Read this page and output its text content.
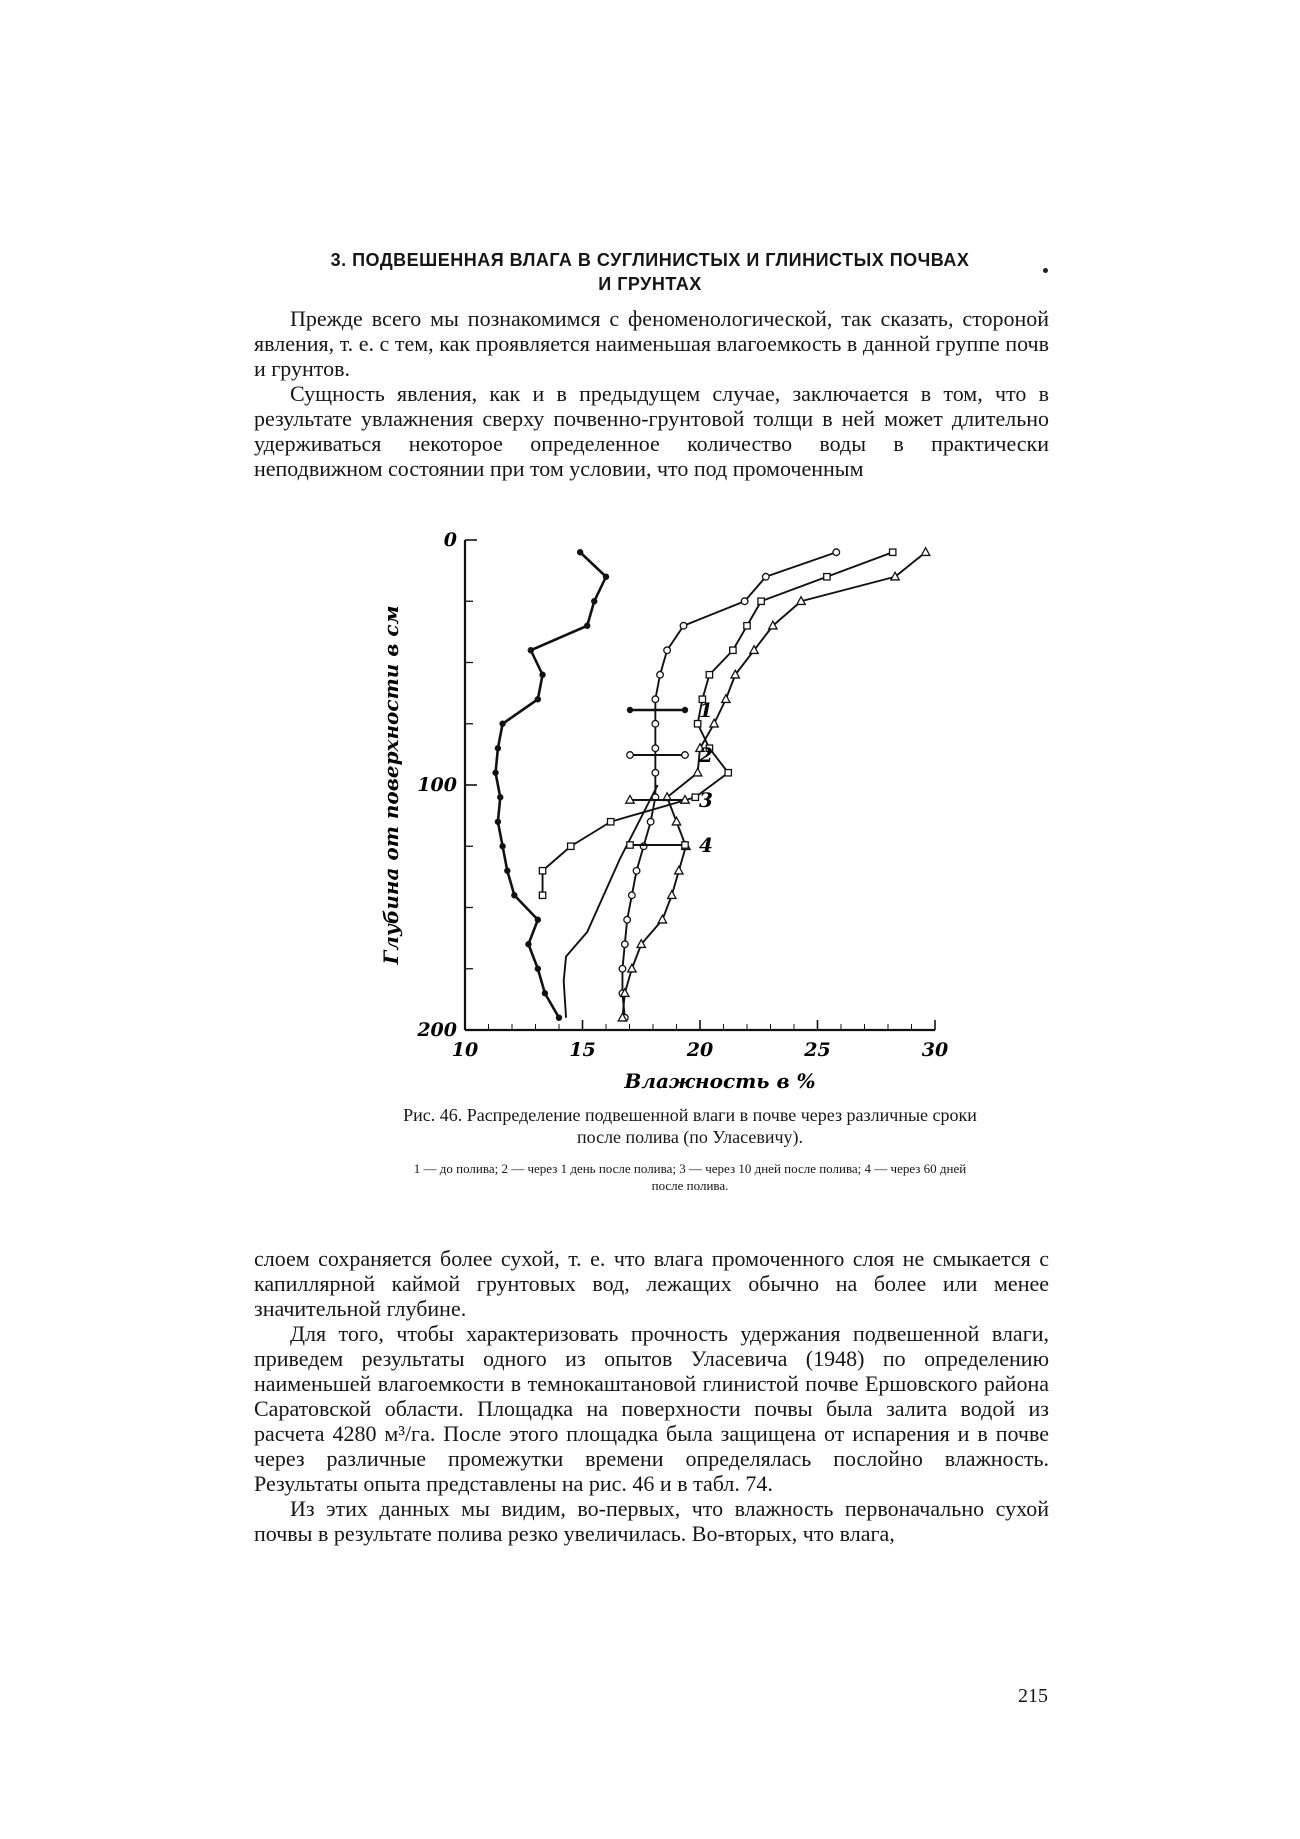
3. ПОДВЕШЕННАЯ ВЛАГА В СУГЛИНИСТЫХ И ГЛИНИСТЫХ ПОЧВАХ
И ГРУНТАХ

Прежде всего мы познакомимся с феноменологической, так сказать, стороной явления, т. е. с тем, как проявляется наименьшая влагоемкость в данной группе почв и грунтов.

Сущность явления, как и в предыдущем случае, заключается в том, что в результате увлажнения сверху почвенно-грунтовой толщи в ней может длительно удерживаться некоторое определенное количество воды в практически неподвижном состоянии при том условии, что под промоченным

0
100
200
10	15	20	25	30
Влажность в %
Глубина от поверхности в см	1
2
3
4
Рис. 46. Распределение подвешенной влаги в почве через различные сроки после полива (по Уласевичу).
1 — до полива; 2 — через 1 день после полива; 3 — через 10 дней после полива; 4 — через 60 дней после полива.

слоем сохраняется более сухой, т. е. что влага промоченного слоя не смыкается с капиллярной каймой грунтовых вод, лежащих обычно на более или менее значительной глубине.

Для того, чтобы характеризовать прочность удержания подвешенной влаги, приведем результаты одного из опытов Уласевича (1948) по определению наименьшей влагоемкости в темнокаштановой глинистой почве Ершовского района Саратовской области. Площадка на поверхности почвы была залита водой из расчета 4280 м³/га. После этого площадка была защищена от испарения и в почве через различные промежутки времени определялась послойно влажность. Результаты опыта представлены на рис. 46 и в табл. 74.

Из этих данных мы видим, во-первых, что влажность первоначально сухой почвы в результате полива резко увеличилась. Во-вторых, что влага,

215
